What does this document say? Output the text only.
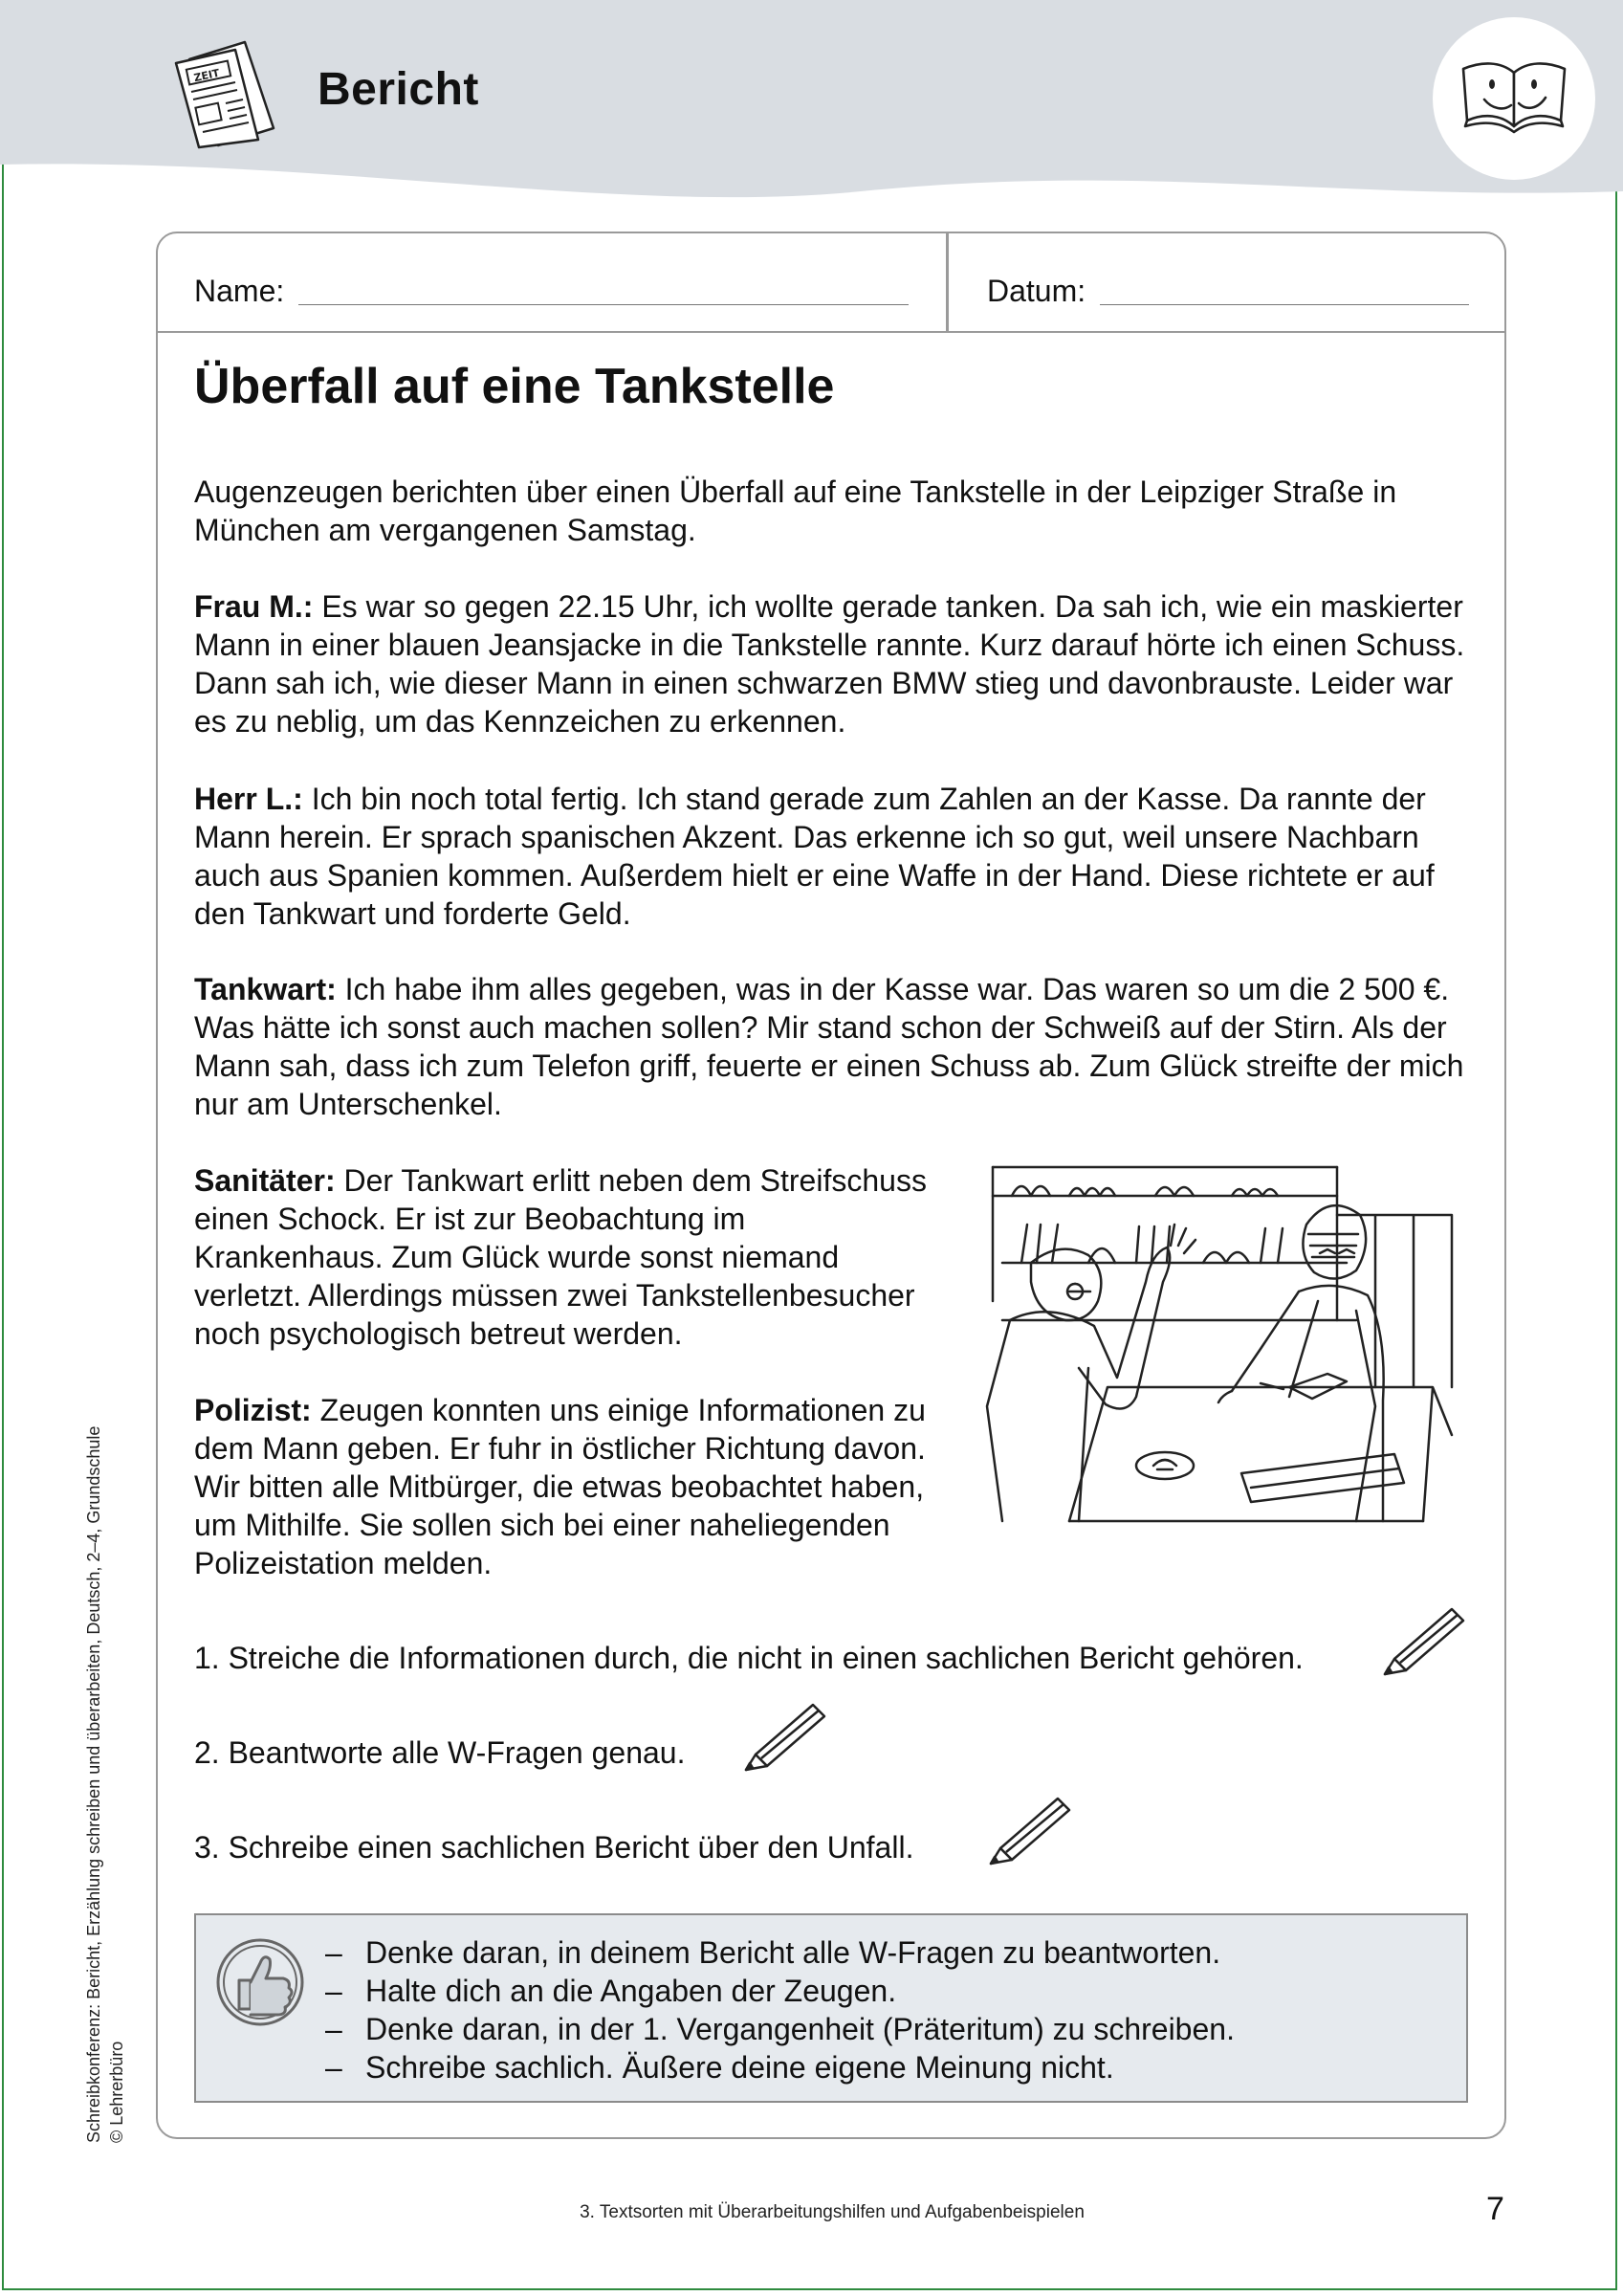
ZEIT Bericht
Name:	Datum:
Überfall auf eine Tankstelle

Augenzeugen berichten über einen Überfall auf eine Tankstelle in der Leipziger Straße in München am vergangenen Samstag.

Frau M.: Es war so gegen 22.15 Uhr, ich wollte gerade tanken. Da sah ich, wie ein maskierter Mann in einer blauen Jeansjacke in die Tankstelle rannte. Kurz darauf hörte ich einen Schuss. Dann sah ich, wie dieser Mann in einen schwarzen BMW stieg und davonbrauste. Leider war es zu neblig, um das Kennzeichen zu erkennen.

Herr L.: Ich bin noch total fertig. Ich stand gerade zum Zahlen an der Kasse. Da rannte der Mann herein. Er sprach spanischen Akzent. Das erkenne ich so gut, weil unsere Nachbarn auch aus Spanien kommen. Außerdem hielt er eine Waffe in der Hand. Diese richtete er auf den Tankwart und forderte Geld.

Tankwart: Ich habe ihm alles gegeben, was in der Kasse war. Das waren so um die 2 500 €. Was hätte ich sonst auch machen sollen? Mir stand schon der Schweiß auf der Stirn. Als der Mann sah, dass ich zum Telefon griff, feuerte er einen Schuss ab. Zum Glück streifte der mich nur am Unterschenkel.

Sanitäter: Der Tankwart erlitt neben dem Streifschuss einen Schock. Er ist zur Beobachtung im Krankenhaus. Zum Glück wurde sonst niemand verletzt. Allerdings müssen zwei Tankstellenbesucher noch psychologisch betreut werden.

Polizist: Zeugen konnten uns einige Informationen zu dem Mann geben. Er fuhr in östlicher Richtung davon. Wir bitten alle Mitbürger, die etwas beobachtet haben, um Mithilfe. Sie sollen sich bei einer naheliegenden Polizeistation melden.

1. Streiche die Informationen durch, die nicht in einen sachlichen Bericht gehören.
2. Beantworte alle W-Fragen genau.
3. Schreibe einen sachlichen Bericht über den Unfall.
– Denke daran, in deinem Bericht alle W-Fragen zu beantworten.
– Halte dich an die Angaben der Zeugen.
– Denke daran, in der 1. Vergangenheit (Präteritum) zu schreiben.
– Schreibe sachlich. Äußere deine eigene Meinung nicht.
Schreibkonferenz: Bericht, Erzählung schreiben und überarbeiten, Deutsch, 2–4, Grundschule © Lehrerbüro
3. Textsorten mit Überarbeitungshilfen und Aufgabenbeispielen	7
